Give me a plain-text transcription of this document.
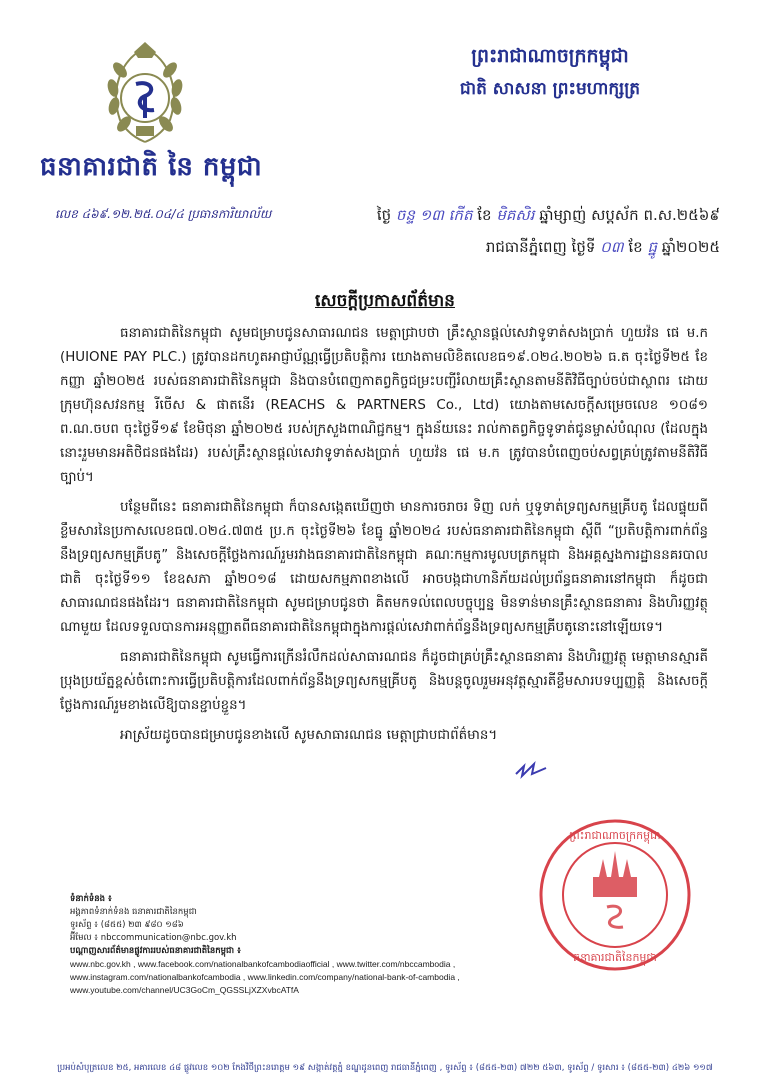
ធនាគារជាតិ នៃ កម្ពុជា
ព្រះរាជាណាចក្រកម្ពុជា
ជាតិ សាសនា ព្រះមហាក្សត្រ
លេខ ៤៦៩.១២.២៥.០៤/៤ ប្រធានការិយាល័យ	ថ្ងៃ ចន្ទ ១៣ កើត ខែ មិគសិរ ឆ្នាំម្សាញ់ សប្តស័ក ព.ស.២៥៦៩
រាជធានីភ្នំពេញ ថ្ងៃទី ០៣ ខែ ធ្នូ ឆ្នាំ២០២៥
សេចក្តីប្រកាសព័ត៌មាន

ធនាគារជាតិនៃកម្ពុជា សូមជម្រាបជូនសាធារណជន មេត្តាជ្រាបថា គ្រឹះស្ថានផ្តល់សេវាទូទាត់សងប្រាក់ ហួយវ៉ន ផេ ម.ក (HUIONE PAY PLC.) ត្រូវបានដកហូតអាជ្ញាប័ណ្ណធ្វើប្រតិបត្តិការ យោងតាមលិខិតលេខធ១៩.០២៤.២០២៦ ធ.ត ចុះថ្ងៃទី២៥ ខែកញ្ញា ឆ្នាំ២០២៥ របស់ធនាគារជាតិនៃកម្ពុជា និងបានបំពេញកាតព្វកិច្ចជម្រះបញ្ជីរំលាយគ្រឹះស្ថានតាមនីតិវិធីច្បាប់ចប់ជាស្ថាពរ ដោយក្រុមហ៊ុនសវនកម្ម រីចេីស & ផាតនើរ (REACHS & PARTNERS Co., Ltd) យោងតាមសេចក្តីសម្រេចលេខ ១០៨១ ព.ណ.ចបព ចុះថ្ងៃទី១៩ ខែមិថុនា ឆ្នាំ២០២៥ របស់ក្រសួងពាណិជ្ជកម្ម។ ក្នុងន័យនេះ រាល់កាតព្វកិច្ចទូទាត់ជូនម្ចាស់បំណុល (ដែលក្នុងនោះរួមមានអតិថិជនផងដែរ) របស់គ្រឹះស្ថានផ្តល់សេវាទូទាត់សងប្រាក់ ហួយវ៉ន ផេ ម.ក ត្រូវបានបំពេញចប់សព្វគ្រប់ត្រូវតាមនីតិវិធីច្បាប់។

បន្ថែមពីនេះ ធនាគារជាតិនៃកម្ពុជា ក៏បានសង្កេតឃើញថា មានការចរាចរ ទិញ លក់ ឬទូទាត់ទ្រព្យសកម្មគ្រីបតូ ដែលផ្ទុយពីខ្លឹមសារនៃប្រកាសលេខធ៧.០២៤.៧៣៥ ប្រ.ក ចុះថ្ងៃទី២៦ ខែធ្នូ ឆ្នាំ២០២៤ របស់ធនាគារជាតិនៃកម្ពុជា ស្តីពី “ប្រតិបត្តិការពាក់ព័ន្ធនឹងទ្រព្យសកម្មគ្រីបតូ” និងសេចក្តីថ្លែងការណ៍រួមរវាងធនាគារជាតិនៃកម្ពុជា គណៈកម្មការមូលបត្រកម្ពុជា និងអគ្គស្នងការដ្ឋាននគរបាលជាតិ ចុះថ្ងៃទី១១ ខែឧសភា ឆ្នាំ២០១៨ ដោយសកម្មភាពខាងលើ អាចបង្កជាហានិភ័យដល់ប្រព័ន្ធធនាគារនៅកម្ពុជា ក៏ដូចជាសាធារណជនផងដែរ។ ធនាគារជាតិនៃកម្ពុជា សូមជម្រាបជូនថា គិតមកទល់ពេលបច្ចុប្បន្ន មិនទាន់មានគ្រឹះស្ថានធនាគារ និងហិរញ្ញវត្ថុណាមួយ ដែលទទួលបានការអនុញ្ញាតពីធនាគារជាតិនៃកម្ពុជាក្នុងការផ្តល់សេវាពាក់ព័ន្ធនឹងទ្រព្យសកម្មគ្រីបតូនោះនៅឡើយទេ។

ធនាគារជាតិនៃកម្ពុជា សូមធ្វើការក្រើនរំលឹកដល់សាធារណជន ក៏ដូចជាគ្រប់គ្រឹះស្ថានធនាគារ និងហិរញ្ញវត្ថុ មេត្តាមានស្មារតីប្រុងប្រយ័ត្នខ្ពស់ចំពោះការធ្វើប្រតិបត្តិការដែលពាក់ព័ន្ធនឹងទ្រព្យសកម្មគ្រីបតូ និងបន្តចូលរួមអនុវត្តស្មារតីខ្លឹមសារបទប្បញ្ញត្តិ និងសេចក្តីថ្លែងការណ៍រួមខាងលើឱ្យបានខ្ជាប់ខ្ជួន។

អាស្រ័យដូចបានជម្រាបជូនខាងលើ សូមសាធារណជន មេត្តាជ្រាបជាព័ត៌មាន។

ព្រះរាជាណាចក្រកម្ពុជា
ធនាគារជាតិនៃកម្ពុជា
ទំនាក់ទំនង ៖
អង្គភាពទំនាក់ទំនង ធនាគារជាតិនៃកម្ពុជា
ទូរស័ព្ទ ៖ (៨៥៥) ២៣ ៩៨០ ១៨៦
អ៊ីមែល ៖ nbccommunication@nbc.gov.kh
បណ្តាញសារព័ត៌មានផ្លូវការរបស់ធនាគារជាតិនៃកម្ពុជា ៖
www.nbc.gov.kh , www.facebook.com/nationalbankofcambodiaofficial , www.twitter.com/nbccambodia ,
www.instagram.com/nationalbankofcambodia , www.linkedin.com/company/national-bank-of-cambodia ,
www.youtube.com/channel/UC3GoCm_QGSSLjXZXvbcATfA
ប្រអប់សំបុត្រលេខ ២៥, អគារលេខ ៤៨ ផ្លូវលេខ ១០២ កែងវិថីព្រះនរោត្តម ១៩ សង្កាត់វត្តភ្នំ ខណ្ឌដូនពេញ រាជធានីភ្នំពេញ , ទូរស័ព្ទ ៖ (៨៥៥-២៣) ៧២២ ៥៦៣, ទូរស័ព្ទ / ទូរសារ ៖ (៨៥៥-២៣) ៤២៦ ១១៧
